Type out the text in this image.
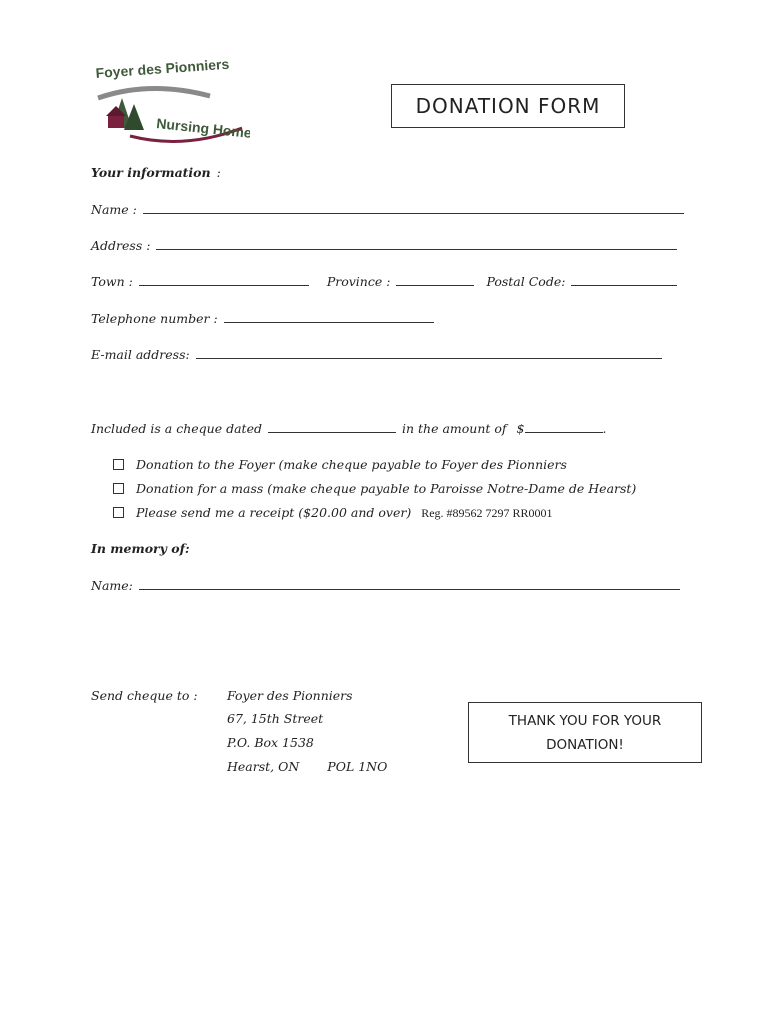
Foyer des Pionniers
Nursing Home
DONATION FORM
Your information :
Name :
Address :
Town :	Province :	Postal Code:
Telephone number :
E-mail address:
Included is a cheque dated	in the amount of $	.
Donation to the Foyer (make cheque payable to Foyer des Pionniers
Donation for a mass (make cheque payable to Paroisse Notre-Dame de Hearst)
Please send me a receipt ($20.00 and over) Reg. #89562 7297 RR0001
In memory of:
Name:
Send cheque to : Foyer des Pionniers
67, 15th Street
P.O. Box 1538
Hearst, ON POL 1NO
THANK YOU FOR YOUR
DONATION!
